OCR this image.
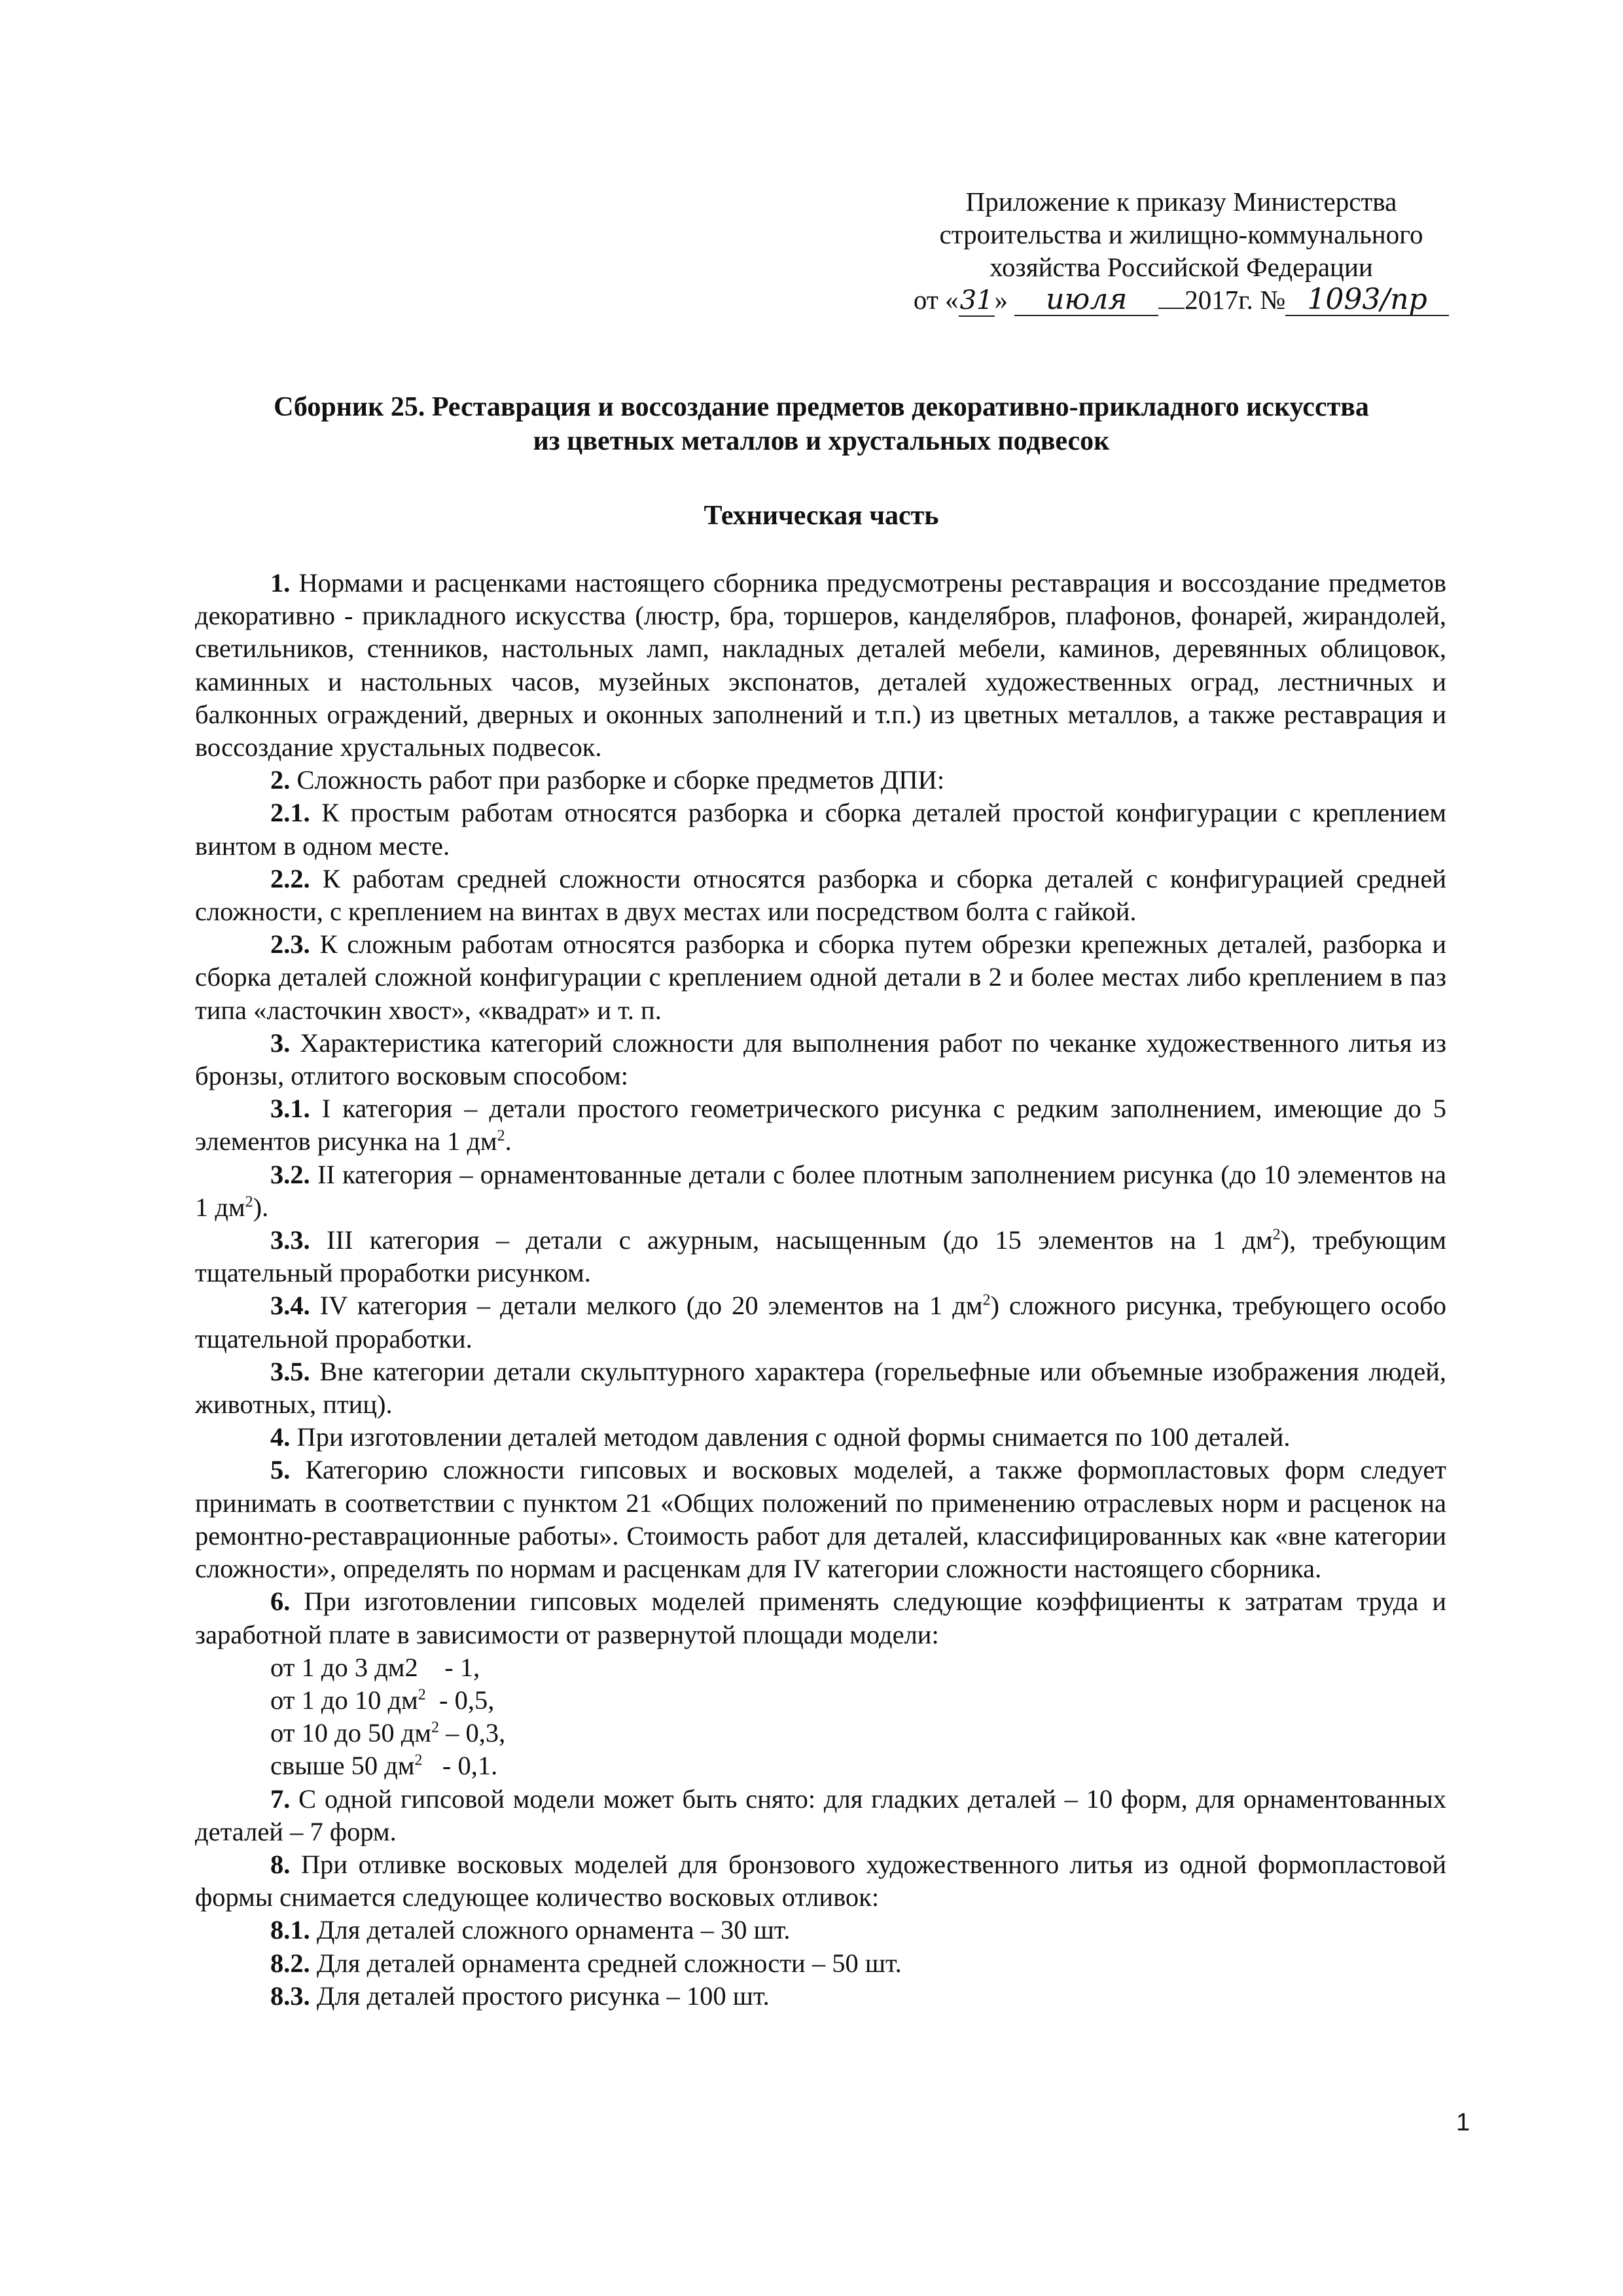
Приложение к приказу Министерства
строительства и жилищно-коммунального
хозяйства Российской Федерации
от « 31 »
	июля	2017г. № 1093/пр
Сборник 25. Реставрация и воссоздание предметов декоративно-прикладного искусства
из цветных металлов и хрустальных подвесок
Техническая часть

1. Нормами и расценками настоящего сборника предусмотрены реставрация и воссоздание предметов декоративно - прикладного искусства (люстр, бра, торшеров, канделябров, плафонов, фонарей, жирандолей, светильников, стенников, настольных ламп, накладных деталей мебели, каминов, деревянных облицовок, каминных и настольных часов, музейных экспонатов, деталей художественных оград, лестничных и балконных ограждений, дверных и оконных заполнений и т.п.) из цветных металлов, а также реставрация и воссоздание хрустальных подвесок.

2. Сложность работ при разборке и сборке предметов ДПИ:

2.1. К простым работам относятся разборка и сборка деталей простой конфигурации с креплением винтом в одном месте.

2.2. К работам средней сложности относятся разборка и сборка деталей с конфигурацией средней сложности, с креплением на винтах в двух местах или посредством болта с гайкой.

2.3. К сложным работам относятся разборка и сборка путем обрезки крепежных деталей, разборка и сборка деталей сложной конфигурации с креплением одной детали в 2 и более местах либо креплением в паз типа «ласточкин хвост», «квадрат» и т. п.

3. Характеристика категорий сложности для выполнения работ по чеканке художественного литья из бронзы, отлитого восковым способом:

3.1. I категория – детали простого геометрического рисунка с редким заполнением, имеющие до 5 элементов рисунка на 1 $дм^2$.

3.2. II категория – орнаментованные детали с более плотным заполнением рисунка (до 10 элементов на 1 $дм^2$).

3.3. III категория – детали с ажурным, насыщенным (до 15 элементов на 1 $дм^2$), требующим тщательный проработки рисунком.

3.4. IV категория – детали мелкого (до 20 элементов на 1 $дм^2$) сложного рисунка, требующего особо тщательной проработки.

3.5. Вне категории детали скульптурного характера (горельефные или объемные изображения людей, животных, птиц).

4. При изготовлении деталей методом давления с одной формы снимается по 100 деталей.

5. Категорию сложности гипсовых и восковых моделей, а также формопластовых форм следует принимать в соответствии с пунктом 21 «Общих положений по применению отраслевых норм и расценок на ремонтно-реставрационные работы». Стоимость работ для деталей, классифицированных как «вне категории сложности», определять по нормам и расценкам для IV категории сложности настоящего сборника.

6. При изготовлении гипсовых моделей применять следующие коэффициенты к затратам труда и заработной плате в зависимости от развернутой площади модели:

от 1 до 3 дм2    - 1,
от 1 до 10 $дм^2 - 0,5$,
от 10 до 50 $дм^2 - 0,3$,
свыше 50 $дм^2 - 0,1$.

7. С одной гипсовой модели может быть снято: для гладких деталей – 10 форм, для орнаментованных деталей – 7 форм.

8. При отливке восковых моделей для бронзового художественного литья из одной формопластовой формы снимается следующее количество восковых отливок:

8.1. Для деталей сложного орнамента – 30 шт.

8.2. Для деталей орнамента средней сложности – 50 шт.

8.3. Для деталей простого рисунка – 100 шт.

1
